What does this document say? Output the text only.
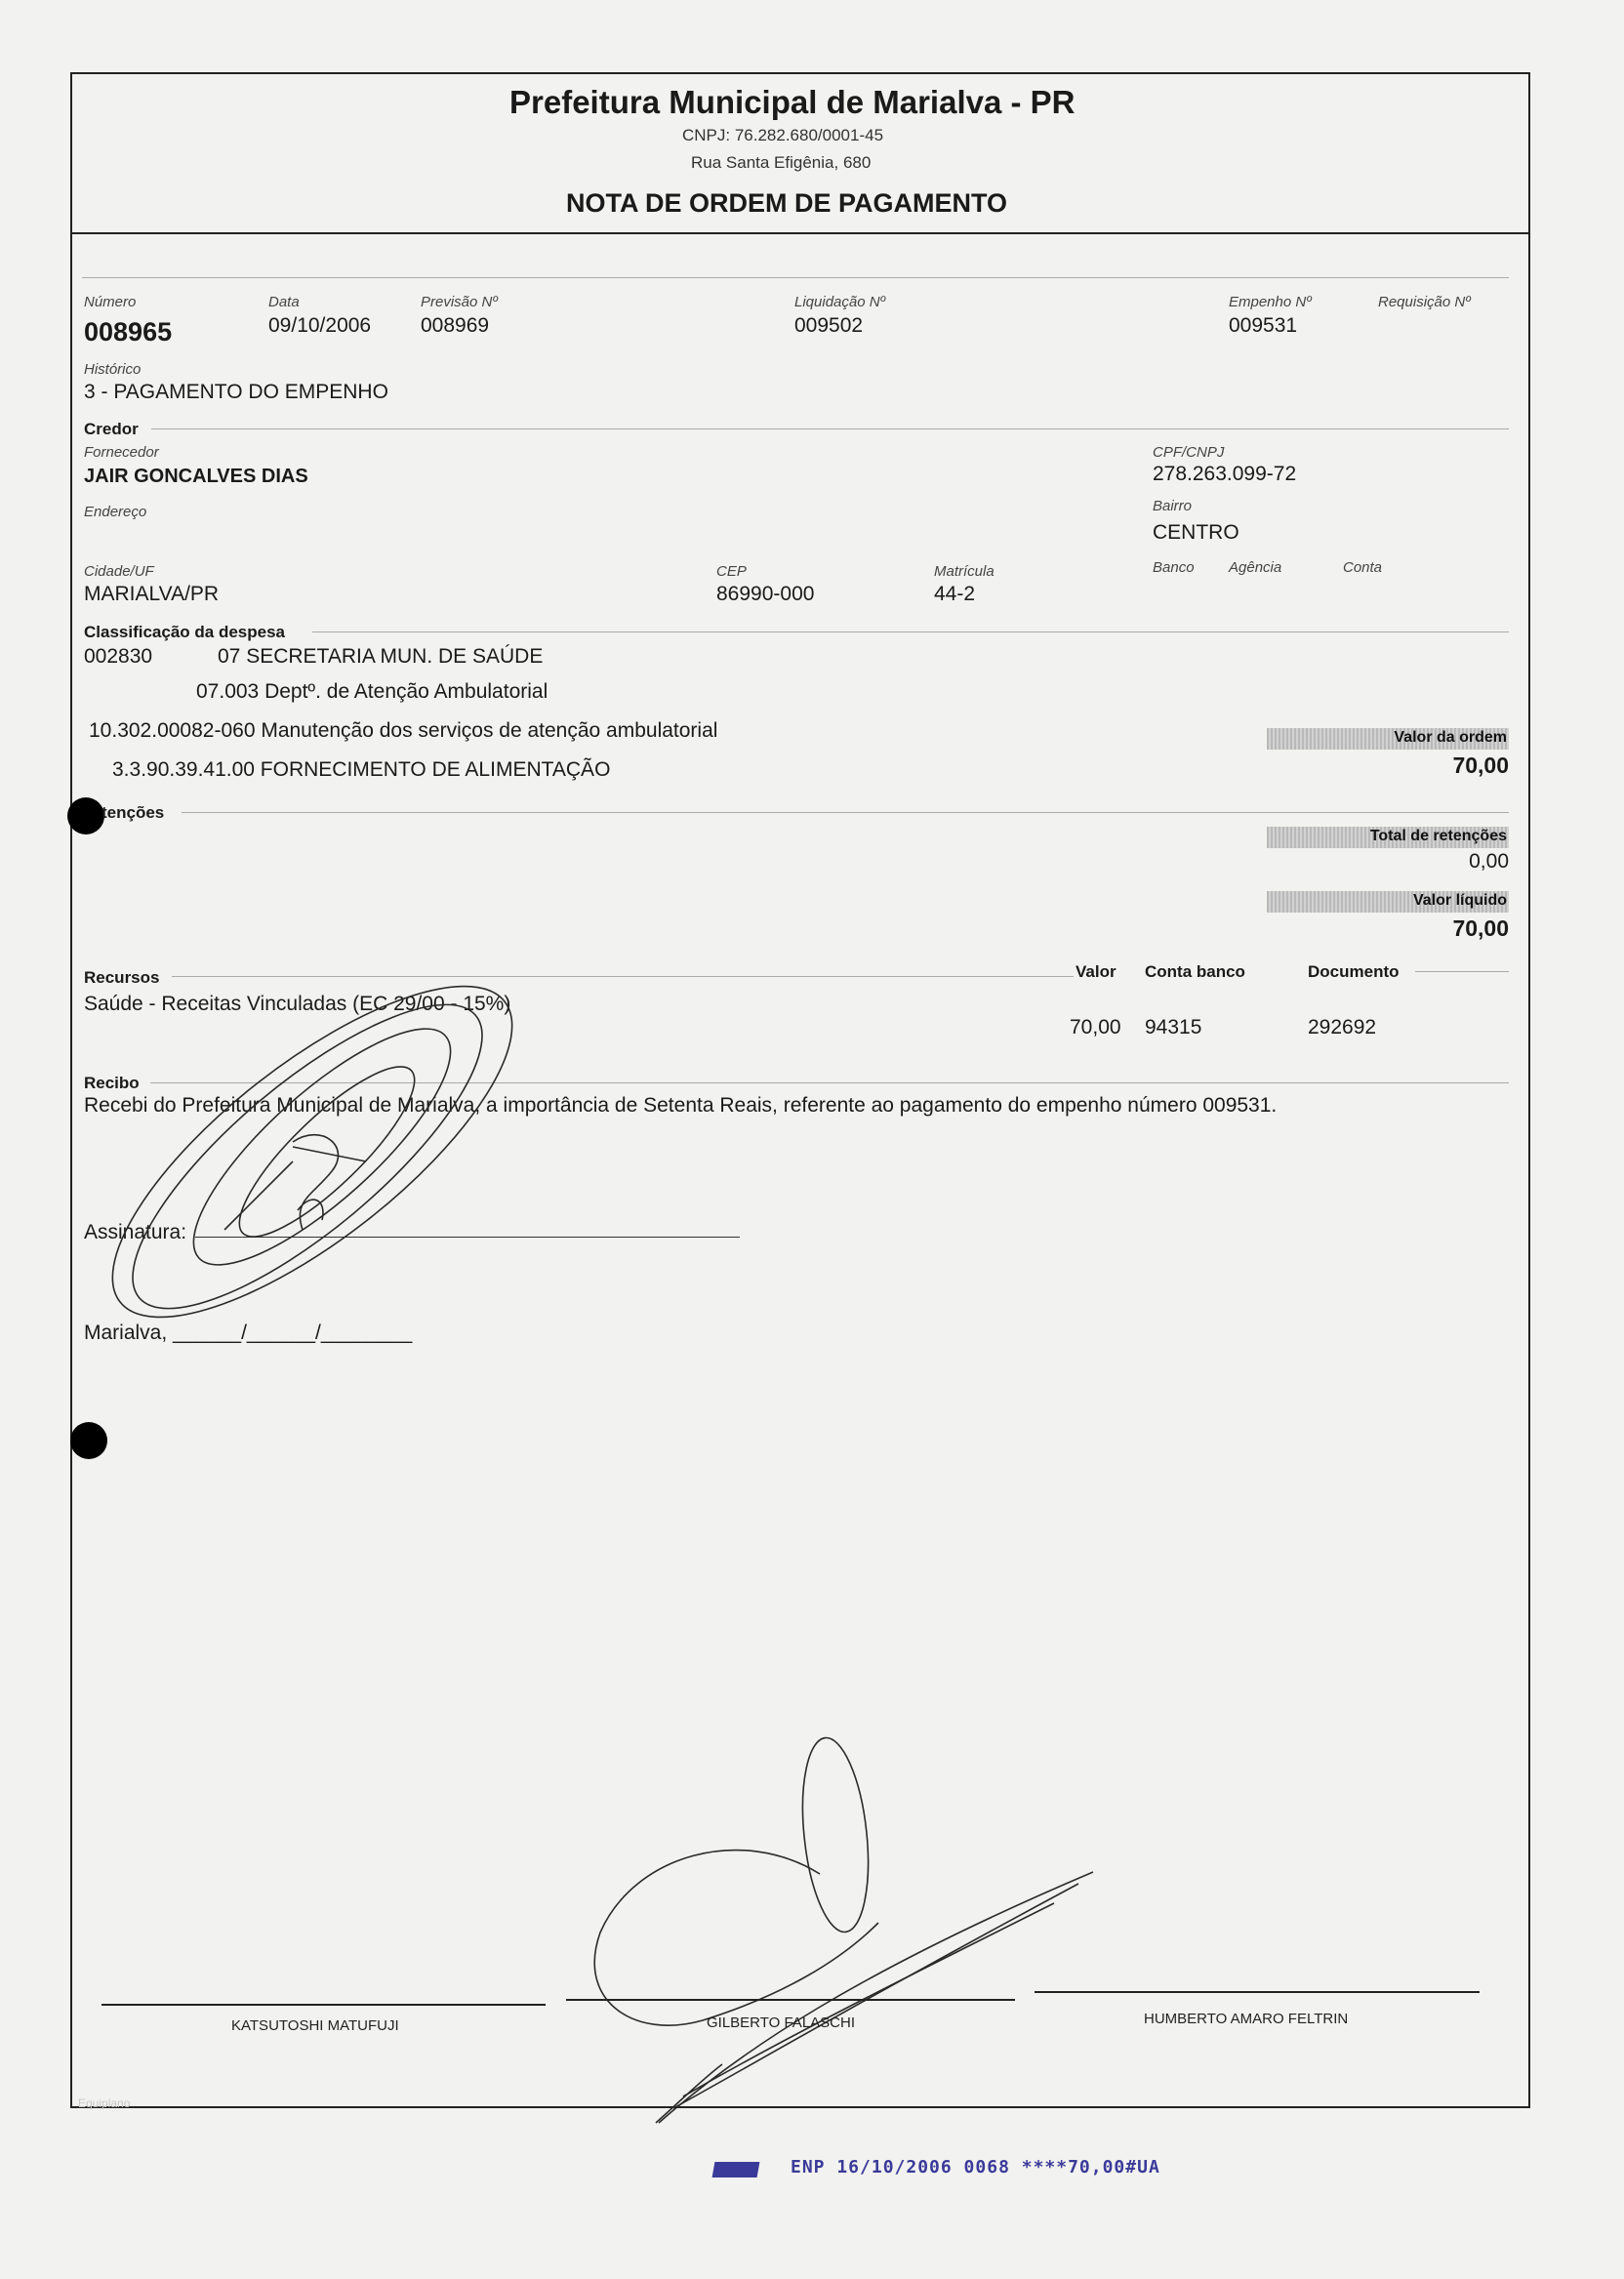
Prefeitura Municipal de Marialva - PR
CNPJ: 76.282.680/0001-45
Rua Santa Efigênia, 680
NOTA DE ORDEM DE PAGAMENTO
Número
008965
Data
09/10/2006
Previsão Nº
008969
Liquidação Nº
009502
Empenho Nº
009531
Requisição Nº
Histórico
3 - PAGAMENTO DO EMPENHO
Credor
Fornecedor
JAIR GONCALVES DIAS
CPF/CNPJ
278.263.099-72
Endereço	Bairro
CENTRO
Cidade/UF
MARIALVA/PR
CEP
86990-000
Matrícula
44-2
Banco Agência	Conta
Classificação da despesa
002830	07 SECRETARIA MUN. DE SAÚDE
07.003 Deptº. de Atenção Ambulatorial
10.302.00082-060 Manutenção dos serviços de atenção ambulatorial
3.3.90.39.41.00 FORNECIMENTO DE ALIMENTAÇÃO
Valor da ordem
70,00
tenções
Total de retenções
0,00
Valor líquido
70,00
Recursos	Valor Conta banco	Documento
Saúde - Receitas Vinculadas (EC 29/00 - 15%)
70,00 94315	292692
Recibo
Recebi do Prefeitura Municipal de Marialva, a importância de Setenta Reais, referente ao pagamento do empenho número 009531.
Assinatura:
Marialva, ______/______/________
KATSUTOSHI MATUFUJI	GILBERTO FALASCHI	HUMBERTO AMARO FELTRIN
Equiplano
ENP 16/10/2006 0068 ****70,00#UA
